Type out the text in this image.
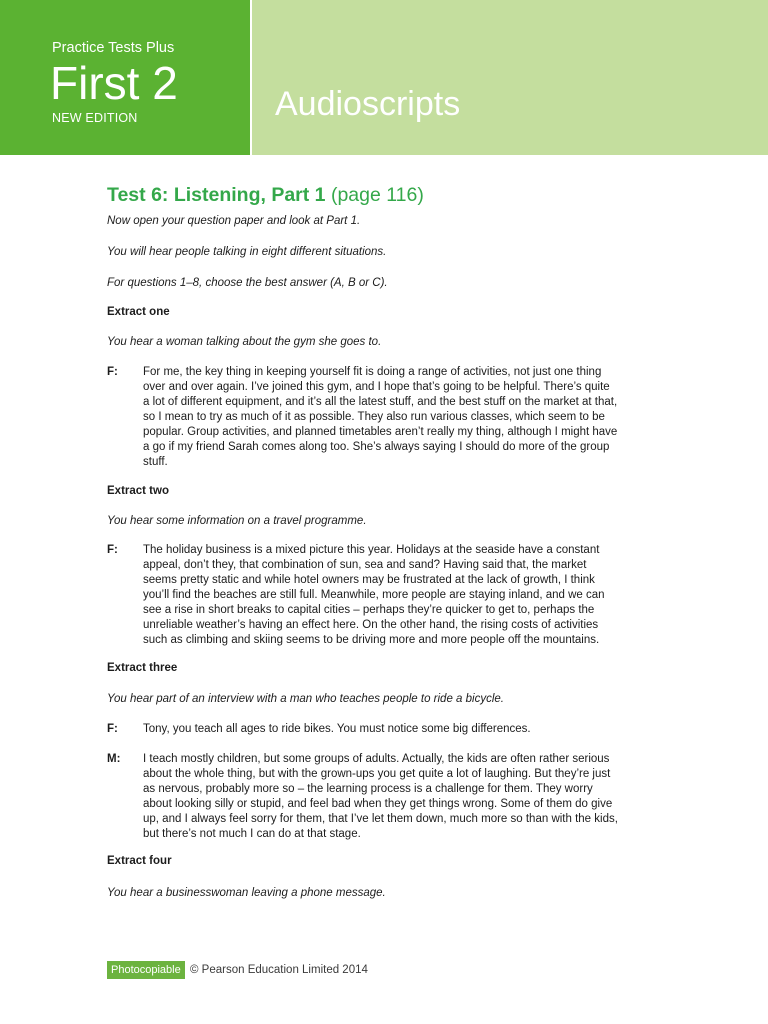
Practice Tests Plus
First 2
NEW EDITION	Audioscripts
Test 6: Listening, Part 1 (page 116)
Now open your question paper and look at Part 1.
You will hear people talking in eight different situations.
For questions 1–8, choose the best answer (A, B or C).
Extract one
You hear a woman talking about the gym she goes to.
F: For me, the key thing in keeping yourself fit is doing a range of activities, not just one thing
over and over again. I’ve joined this gym, and I hope that’s going to be helpful. There’s quite
a lot of different equipment, and it’s all the latest stuff, and the best stuff on the market at that,
so I mean to try as much of it as possible. They also run various classes, which seem to be
popular. Group activities, and planned timetables aren’t really my thing, although I might have
a go if my friend Sarah comes along too. She’s always saying I should do more of the group
stuff.
Extract two
You hear some information on a travel programme.
F: The holiday business is a mixed picture this year. Holidays at the seaside have a constant
appeal, don’t they, that combination of sun, sea and sand? Having said that, the market
seems pretty static and while hotel owners may be frustrated at the lack of growth, I think
you’ll find the beaches are still full. Meanwhile, more people are staying inland, and we can
see a rise in short breaks to capital cities – perhaps they’re quicker to get to, perhaps the
unreliable weather’s having an effect here. On the other hand, the rising costs of activities
such as climbing and skiing seems to be driving more and more people off the mountains.
Extract three
You hear part of an interview with a man who teaches people to ride a bicycle.
F: Tony, you teach all ages to ride bikes. You must notice some big differences.
M: I teach mostly children, but some groups of adults. Actually, the kids are often rather serious
about the whole thing, but with the grown-ups you get quite a lot of laughing. But they’re just
as nervous, probably more so – the learning process is a challenge for them. They worry
about looking silly or stupid, and feel bad when they get things wrong. Some of them do give
up, and I always feel sorry for them, that I’ve let them down, much more so than with the kids,
but there’s not much I can do at that stage.
Extract four
You hear a businesswoman leaving a phone message.
Photocopiable © Pearson Education Limited 2014
